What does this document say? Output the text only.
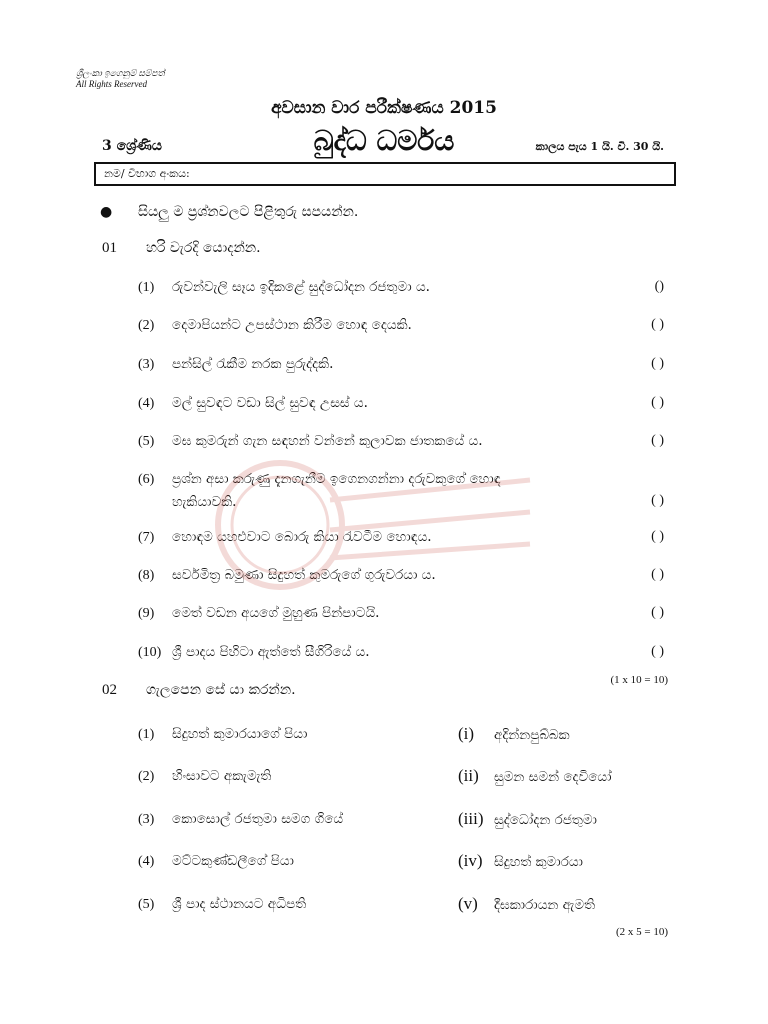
ශ්‍රීලංකා ඉගෙනුම් සම්පත්
All Rights Reserved
අවසාන වාර පරීක්ෂණය 2015
3 ශ්‍රේණිය	බුද්ධ ධර්මය	කාලය පැය 1 යි. වි. 30 යි.
නම/ විභාග අංකය:
● සියලු ම ප්‍රශ්නවලට පිළිතුරු සපයන්න.
01 හරි වැරදි යොදන්න.
(1) රුවන්වැලි සෑය ඉදිකළේ සුද්ධෝදන රජතුමා ය.	()
(2) දෙමාපියන්ට උපස්ථාන කිරීම හොඳ දෙයකි.	( )
(3) පන්සිල් රැකීම නරක පුරුද්දකි.	( )
(4) මල් සුවඳට වඩා සිල් සුවඳ උසස් ය.	( )
(5) මඝ කුමරුන් ගැන සඳහන් වන්නේ කුලාවක ජාතකයේ ය.	( )
(6) ප්‍රශ්න අසා කරුණු දැනගැනීම ඉගෙනගන්නා දරුවකුගේ හොඳ
හැකියාවකි.	( )
(7) හොඳම යහළුවාට බොරු කියා රැවටීම හොඳය.	( )
(8) සර්වමිත්‍ර බමුණා සිදුහත් කුමරුගේ ගුරුවරයා ය.	( )
(9) මෙත් වඩන අයගේ මුහුණ පින්පාටයි.	( )
(10) ශ්‍රී පාදය පිහිටා ඇත්තේ සීගිරියේ ය.	( )
(1 x 10 = 10)
02 ගැලපෙන සේ යා කරන්න.
(1) සිදුහත් කුමාරයාගේ පියා	(i) අදින්නපුබ්බක
(2) හිංසාවට අකැමැති	(ii) සුමන සමන් දෙවියෝ
(3) කොසොල් රජතුමා සමග ගියේ	(iii) සුද්ධෝදන රජතුමා
(4) මට්ටකුණ්ඩලීගේ පියා	(iv) සිදුහත් කුමාරයා
(5) ශ්‍රී පාද ස්ථානයට අධිපති	(v) දීඝකාරායන ඇමති
(2 x 5 = 10)
